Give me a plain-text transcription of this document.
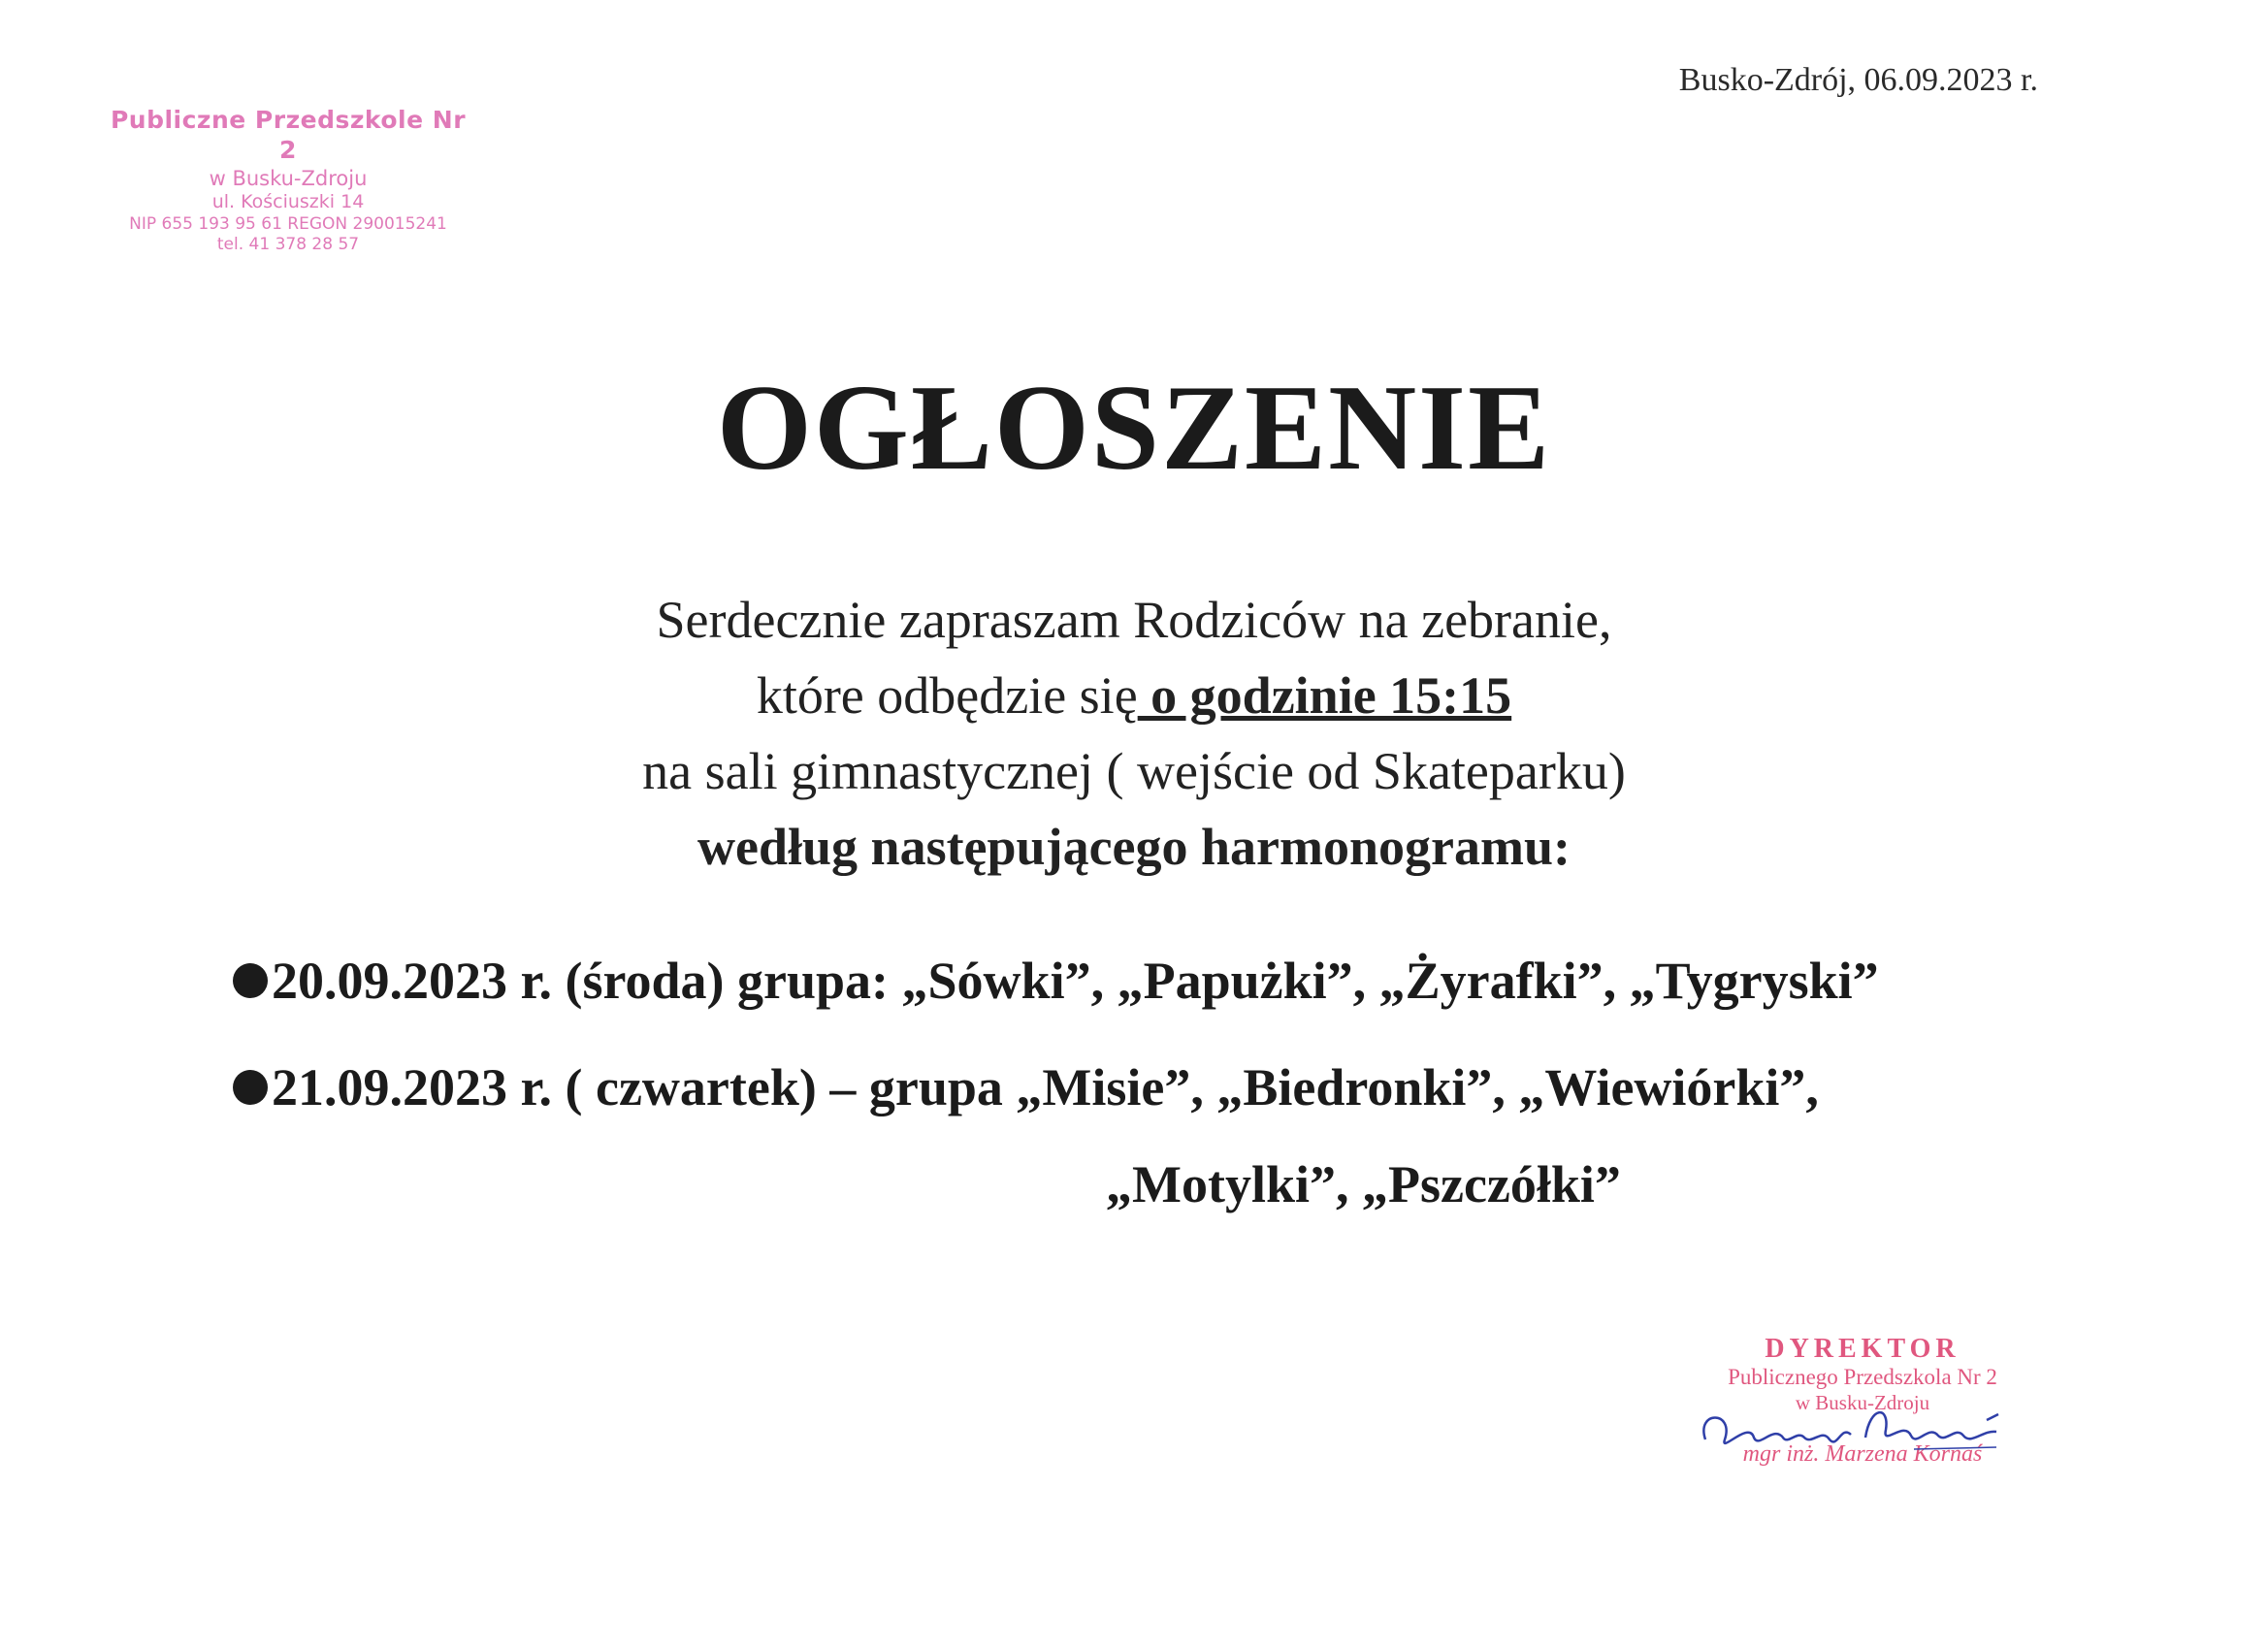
Publiczne Przedszkole Nr 2
w Busku-Zdroju
ul. Kościuszki 14
NIP 655 193 95 61 REGON 290015241
tel. 41 378 28 57
Busko-Zdrój, 06.09.2023 r.
OGŁOSZENIE
Serdecznie zapraszam Rodziców na zebranie,
które odbędzie się o godzinie 15:15
na sali gimnastycznej ( wejście od Skateparku)
według następującego harmonogramu:
20.09.2023 r. (środa) grupa: „Sówki”, „Papużki”, „Żyrafki”, „Tygryski”
21.09.2023 r. ( czwartek) – grupa „Misie”, „Biedronki”, „Wiewiórki”,
„Motylki”, „Pszczółki”
DYREKTOR
Publicznego Przedszkola Nr 2
w Busku-Zdroju
mgr inż. Marzena Kornaś
